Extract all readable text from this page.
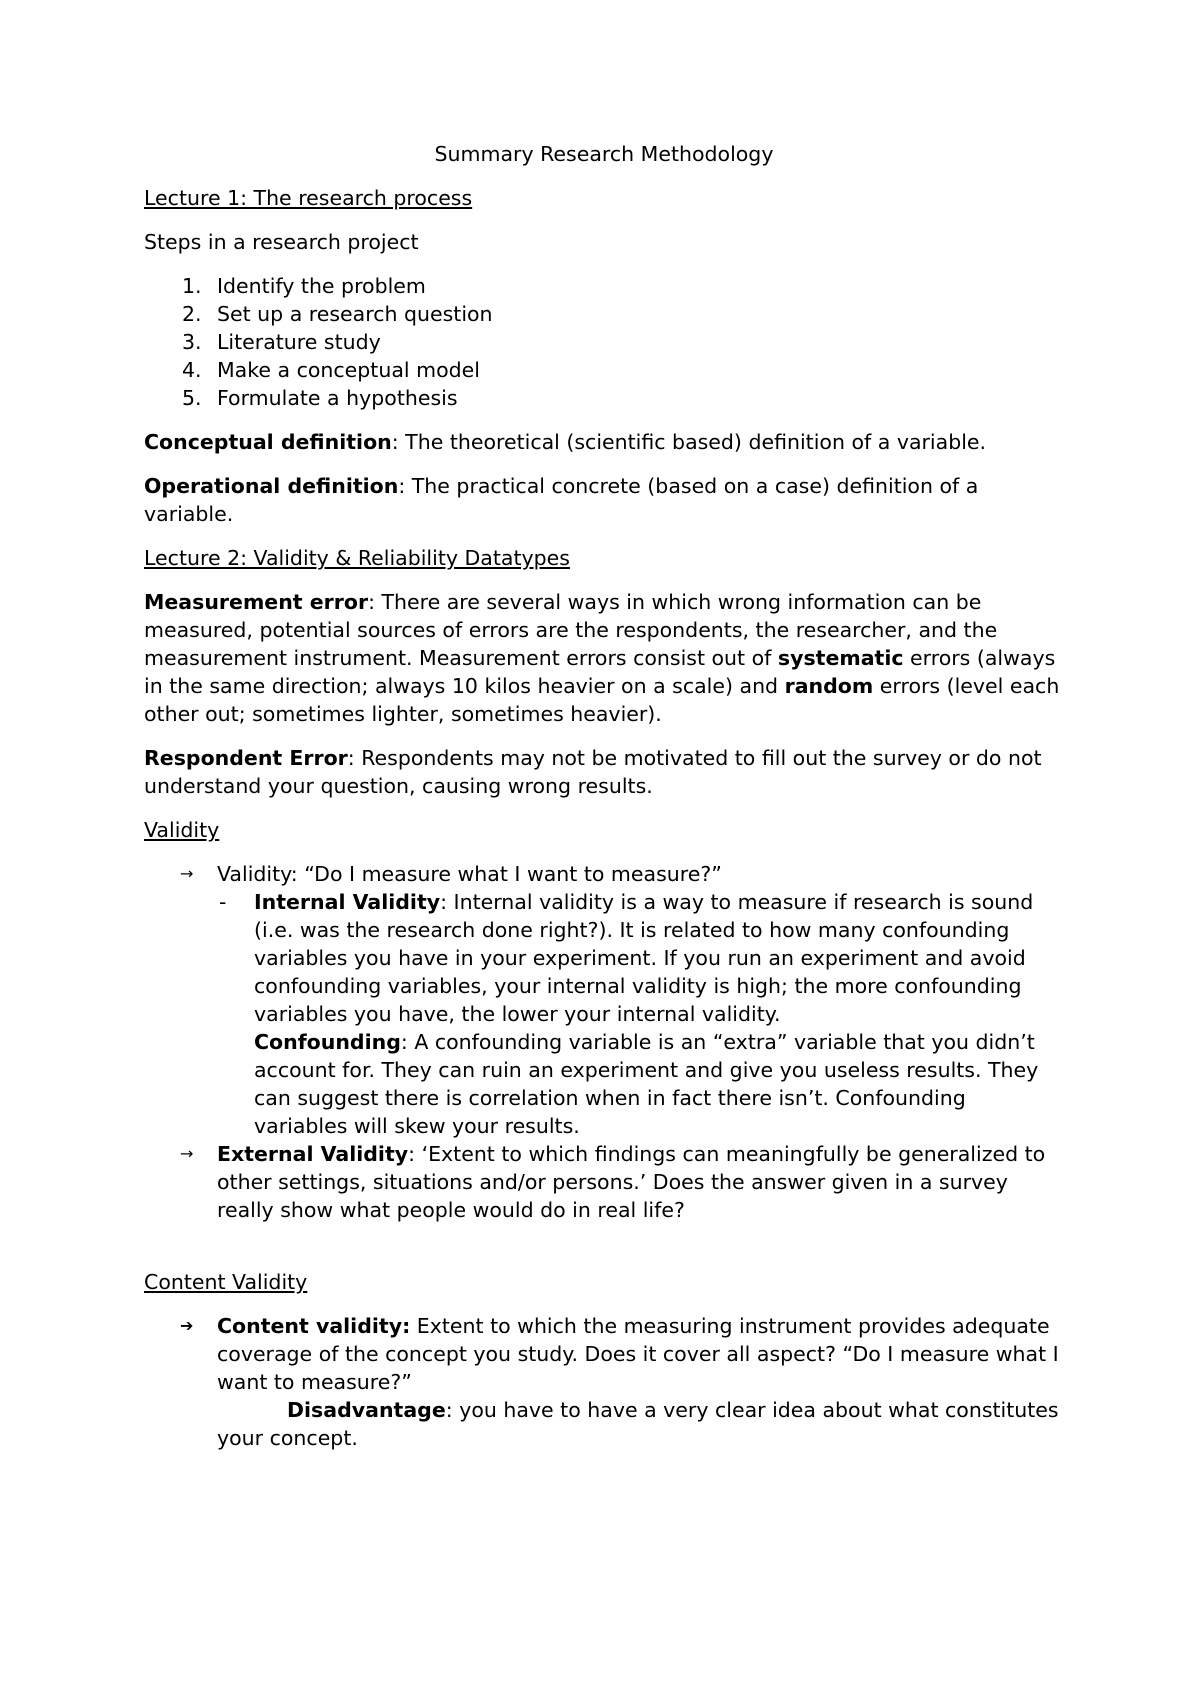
Summary Research Methodology
Lecture 1: The research process

Steps in a research project

1. Identify the problem
2. Set up a research question
3. Literature study
4. Make a conceptual model
5. Formulate a hypothesis

Conceptual definition: The theoretical (scientific based) definition of a variable.

Operational definition: The practical concrete (based on a case) definition of a variable.

Lecture 2: Validity & Reliability Datatypes

Measurement error: There are several ways in which wrong information can be measured, potential sources of errors are the respondents, the researcher, and the measurement instrument. Measurement errors consist out of systematic errors (always in the same direction; always 10 kilos heavier on a scale) and random errors (level each other out; sometimes lighter, sometimes heavier).

Respondent Error: Respondents may not be motivated to fill out the survey or do not understand your question, causing wrong results.

Validity
→ Validity: “Do I measure what I want to measure?”
- Internal Validity: Internal validity is a way to measure if research is sound (i.e. was the research done right?). It is related to how many confounding variables you have in your experiment. If you run an experiment and avoid confounding variables, your internal validity is high; the more confounding variables you have, the lower your internal validity.
Confounding: A confounding variable is an “extra” variable that you didn’t account for. They can ruin an experiment and give you useless results. They can suggest there is correlation when in fact there isn’t. Confounding variables will skew your results.
→ External Validity: ‘Extent to which findings can meaningfully be generalized to other settings, situations and/or persons.’ Does the answer given in a survey really show what people would do in real life?
Content Validity
➔ Content validity: Extent to which the measuring instrument provides adequate coverage of the concept you study. Does it cover all aspect? “Do I measure what I want to measure?”
Disadvantage: you have to have a very clear idea about what constitutes your concept.
